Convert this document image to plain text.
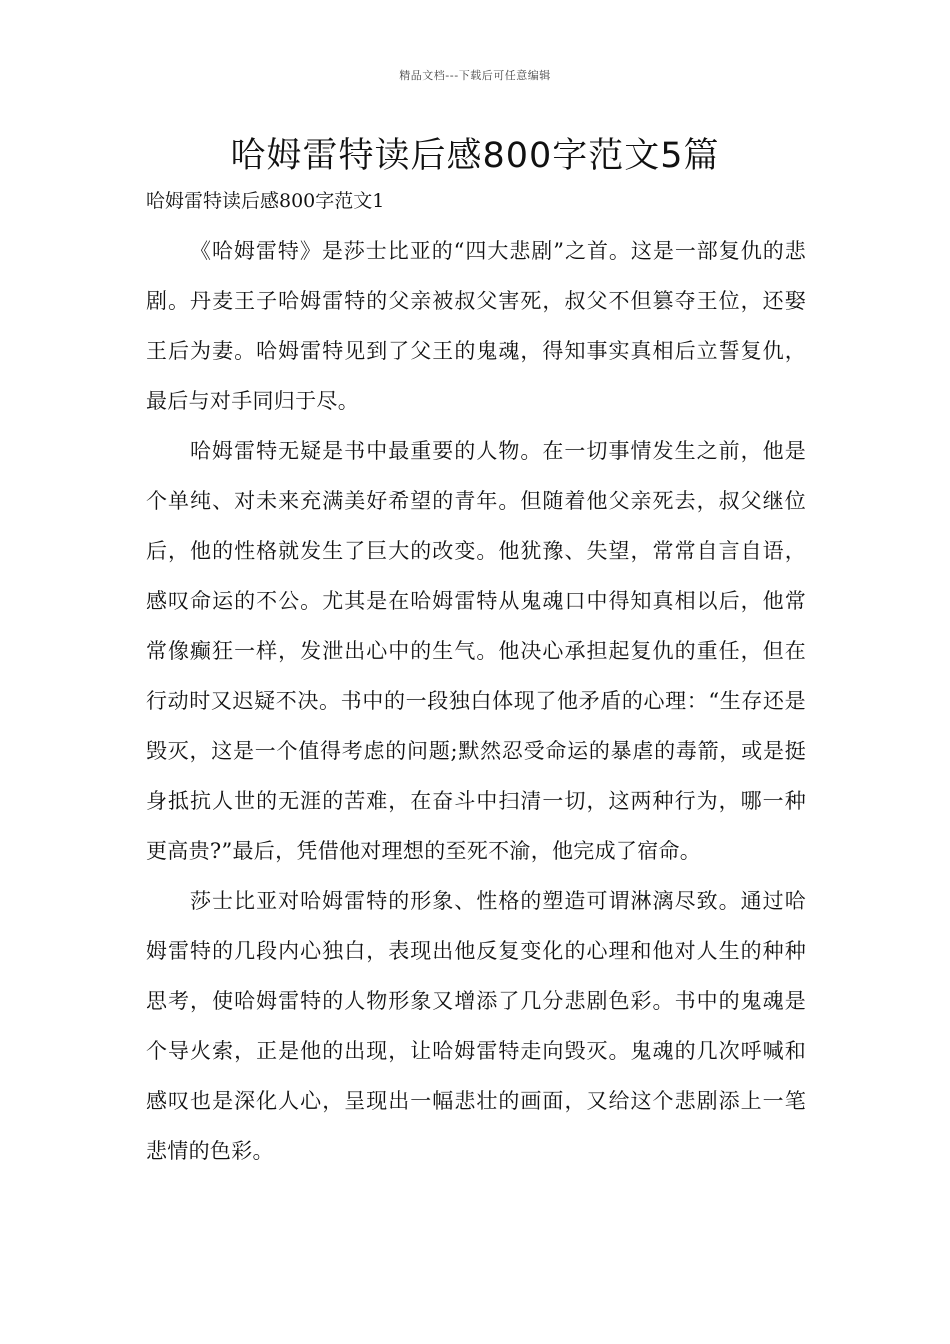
精品文档---下载后可任意编辑
哈姆雷特读后感800字范文5篇
哈姆雷特读后感800字范文1

《哈姆雷特》是莎士比亚的“四大悲剧”之首。这是一部复仇的悲剧。丹麦王子哈姆雷特的父亲被叔父害死，叔父不但篡夺王位，还娶王后为妻。哈姆雷特见到了父王的鬼魂，得知事实真相后立誓复仇，最后与对手同归于尽。

哈姆雷特无疑是书中最重要的人物。在一切事情发生之前，他是个单纯、对未来充满美好希望的青年。但随着他父亲死去，叔父继位后，他的性格就发生了巨大的改变。他犹豫、失望，常常自言自语，感叹命运的不公。尤其是在哈姆雷特从鬼魂口中得知真相以后，他常常像癫狂一样，发泄出心中的生气。他决心承担起复仇的重任，但在行动时又迟疑不决。书中的一段独白体现了他矛盾的心理：“生存还是毁灭，这是一个值得考虑的问题;默然忍受命运的暴虐的毒箭，或是挺身抵抗人世的无涯的苦难，在奋斗中扫清一切，这两种行为，哪一种更高贵?”最后，凭借他对理想的至死不渝，他完成了宿命。

莎士比亚对哈姆雷特的形象、性格的塑造可谓淋漓尽致。通过哈姆雷特的几段内心独白，表现出他反复变化的心理和他对人生的种种思考，使哈姆雷特的人物形象又增添了几分悲剧色彩。书中的鬼魂是个导火索，正是他的出现，让哈姆雷特走向毁灭。鬼魂的几次呼喊和感叹也是深化人心，呈现出一幅悲壮的画面，又给这个悲剧添上一笔悲情的色彩。
